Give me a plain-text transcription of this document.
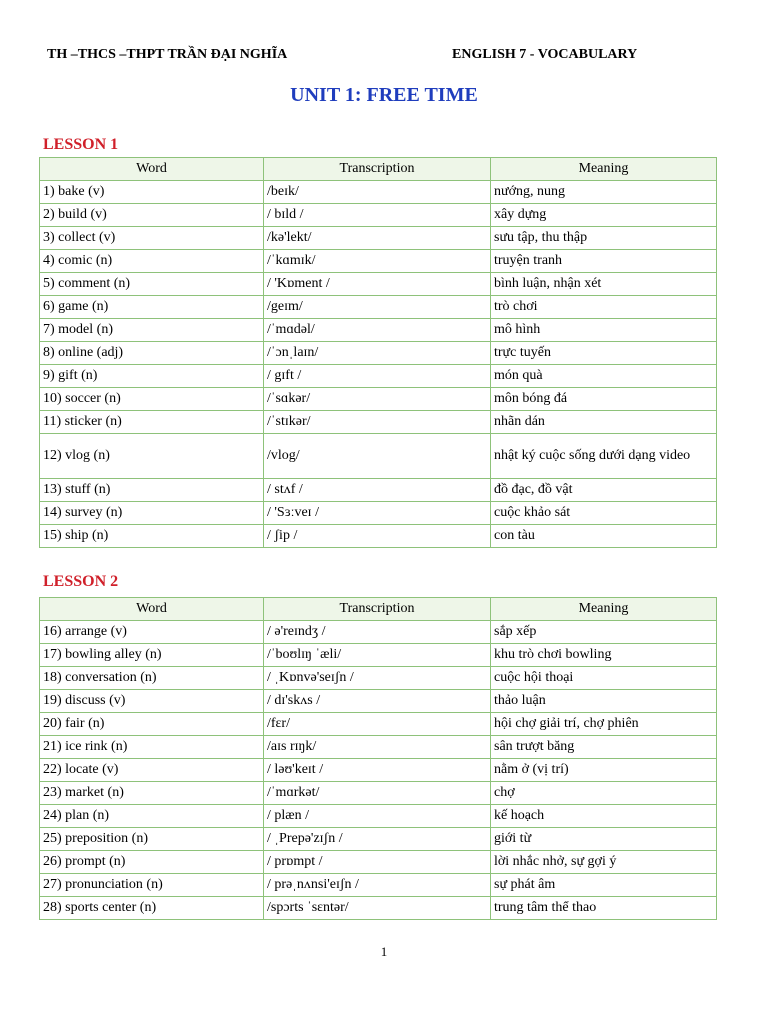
TH –THCS –THPT TRẦN ĐẠI NGHĨA	ENGLISH 7 - VOCABULARY
UNIT 1: FREE TIME
LESSON 1
Word	Transcription	Meaning
1) bake (v)	/beɪk/	nướng, nung
2) build (v)	/ bɪld /	xây dựng
3) collect (v)	/kə'lekt/	sưu tập, thu thập
4) comic (n)	/ˈkɑmɪk/	truyện tranh
5) comment (n)	/ 'Kɒment /	bình luận, nhận xét
6) game (n)	/geɪm/	trò chơi
7) model (n)	/ˈmɑdəl/	mô hình
8) online (adj)	/ˈɔnˌlaɪn/	trực tuyến
9) gift (n)	/ gɪft /	món quà
10) soccer (n)	/ˈsɑkər/	môn bóng đá
11) sticker (n)	/ˈstɪkər/	nhãn dán
12) vlog (n)	/vlog/	nhật ký cuộc sống dưới dạng video
13) stuff (n)	/ stʌf /	đồ đạc, đồ vật
14) survey (n)	/ 'Sɜːveɪ /	cuộc khảo sát
15) ship (n)	/ ʃip /	con tàu
LESSON 2
Word	Transcription	Meaning
16) arrange (v)	/ ə'reɪndʒ /	sắp xếp
17) bowling alley (n)	/ˈboʊlɪŋ ˈæli/	khu trò chơi bowling
18) conversation (n)	/ ˌKɒnvə'seɪʃn /	cuộc hội thoại
19) discuss (v)	/ dɪ'skʌs /	thảo luận
20) fair (n)	/fɛr/	hội chợ giải trí, chợ phiên
21) ice rink (n)	/aɪs rɪŋk/	sân trượt băng
22) locate (v)	/ ləʊ'keɪt /	nằm ở (vị trí)
23) market (n)	/ˈmɑrkət/	chợ
24) plan (n)	/ plæn /	kế hoạch
25) preposition (n)	/ ˌPrepə'zɪʃn /	giới từ
26) prompt (n)	/ prɒmpt /	lời nhắc nhở, sự gợi ý
27) pronunciation (n)	/ prəˌnʌnsi'eɪʃn /	sự phát âm
28) sports center (n)	/spɔrts ˈsɛntər/	trung tâm thể thao
1
